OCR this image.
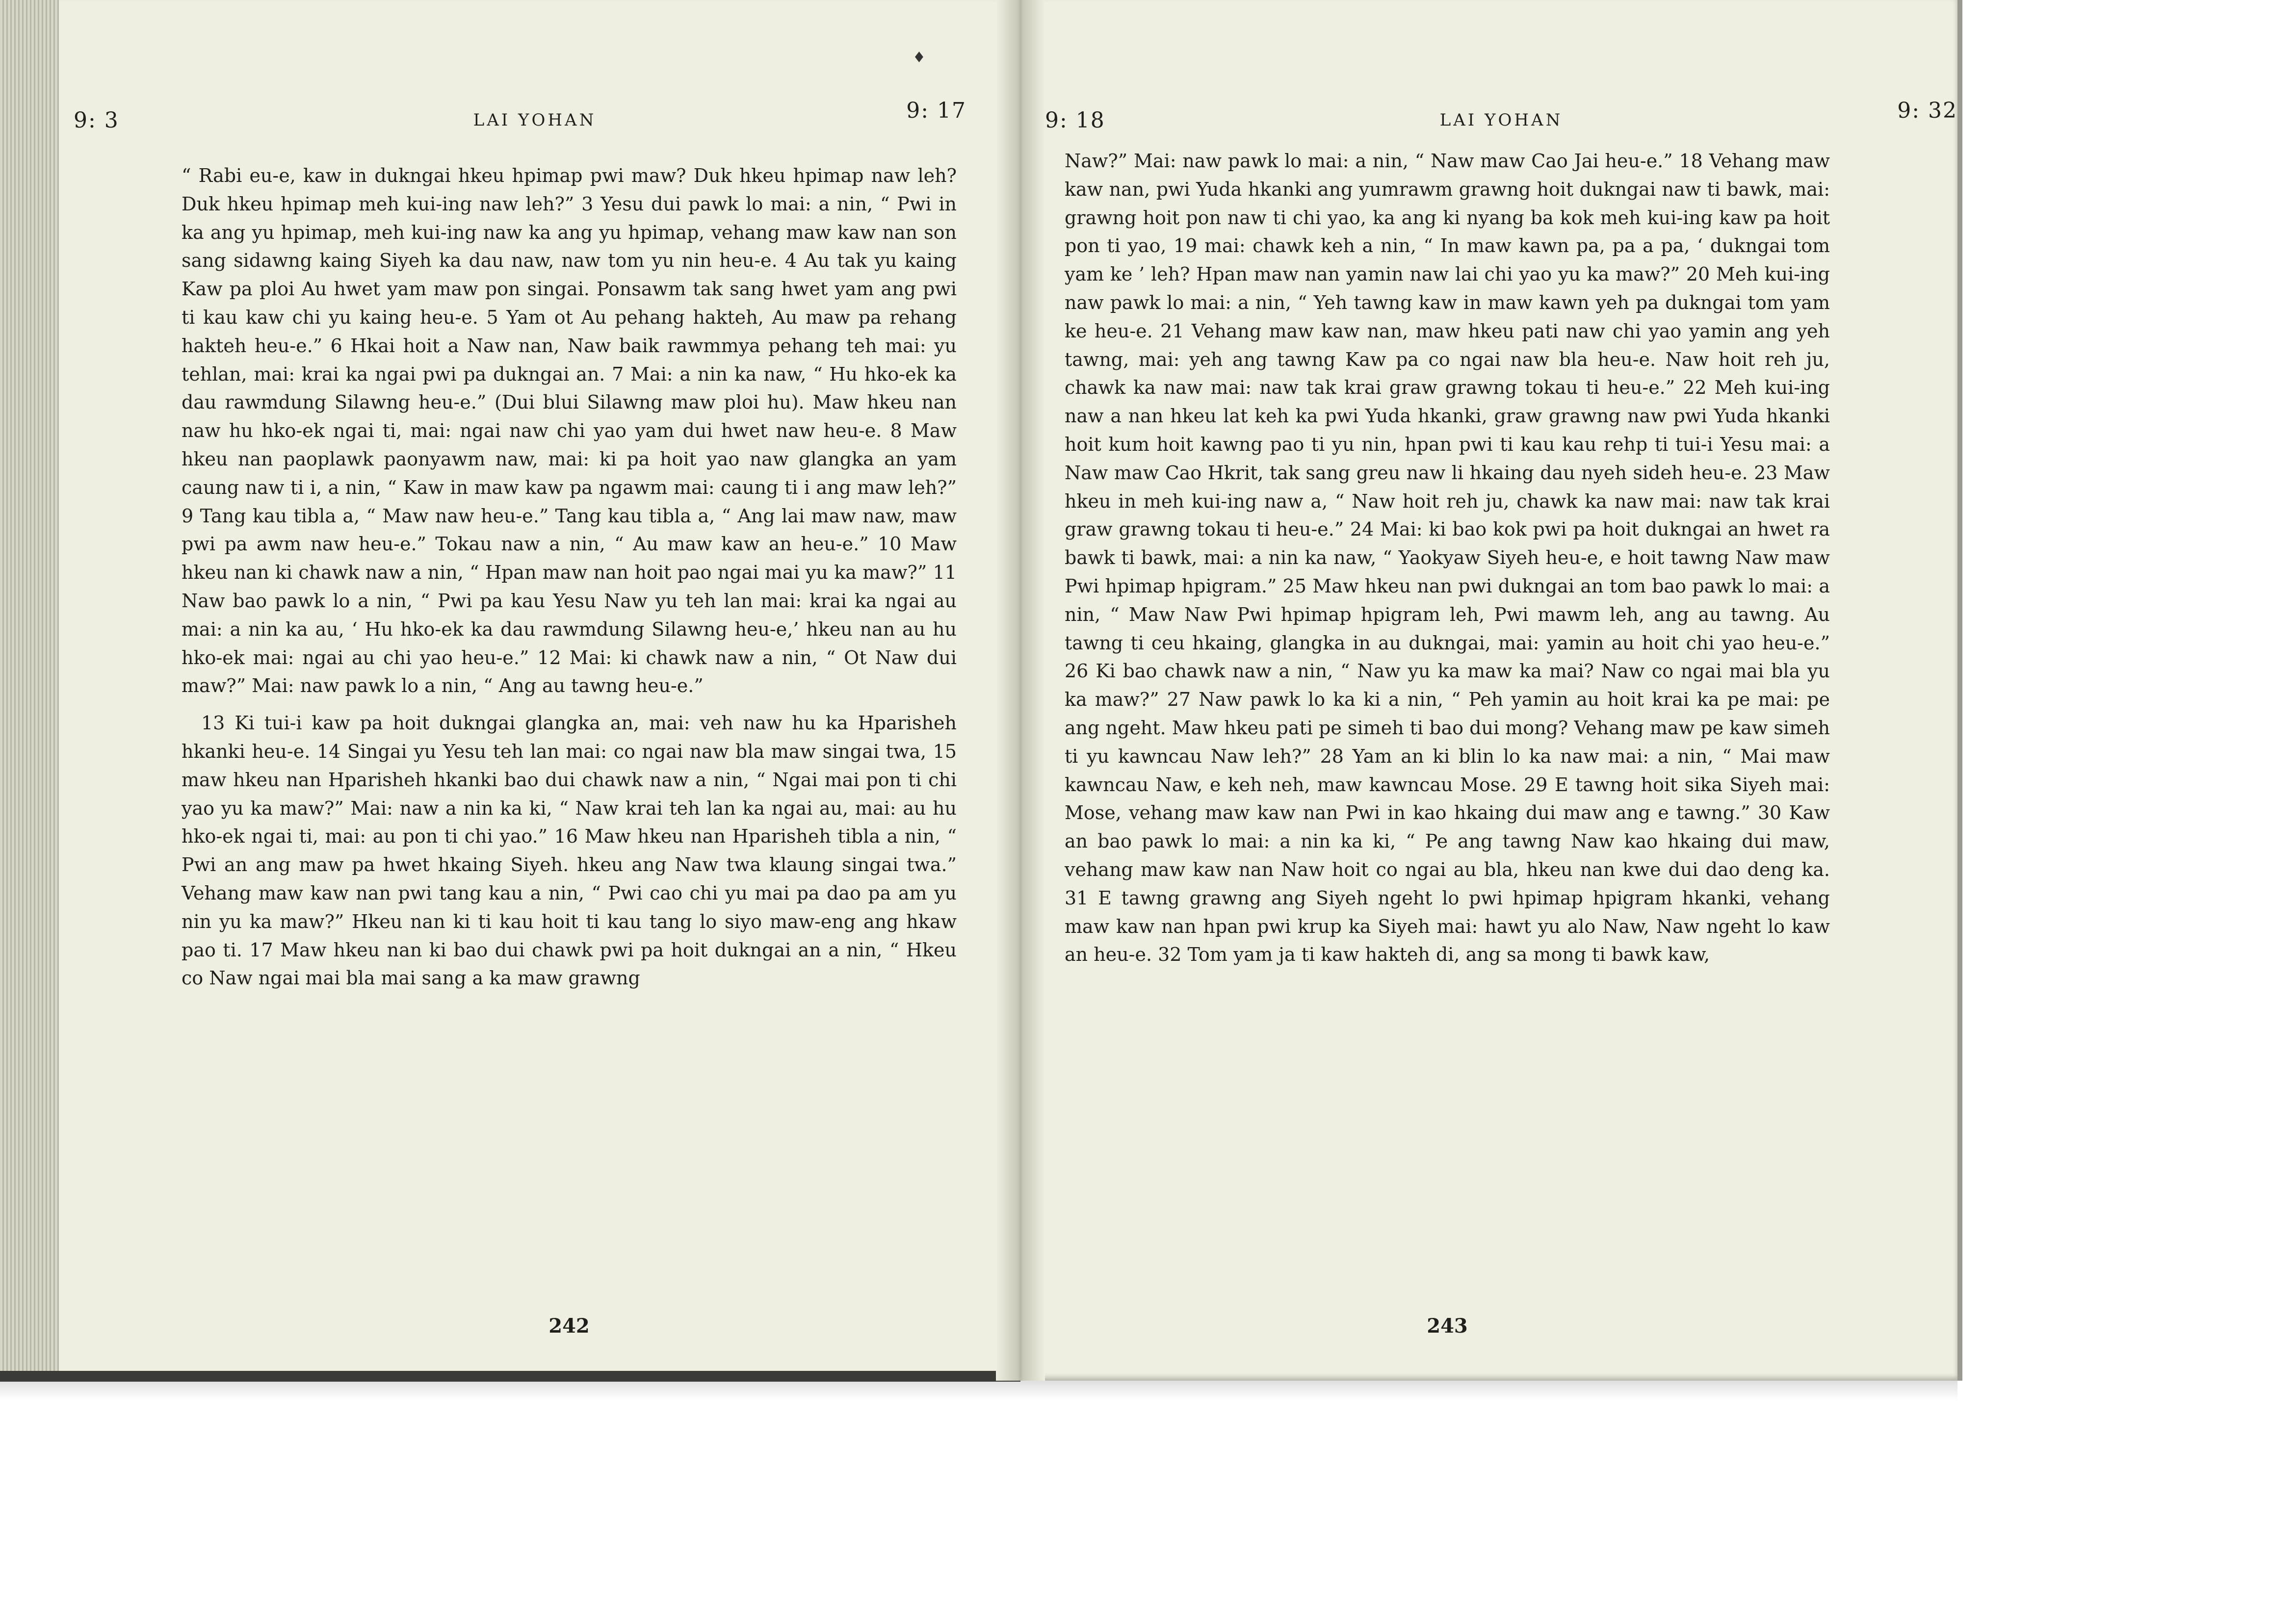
9: 3	LAI YOHAN	9: 17

“ Rabi eu-e, kaw in dukngai hkeu hpimap pwi maw? Duk hkeu hpimap naw leh? Duk hkeu hpimap meh kui-ing naw leh?” 3 Yesu dui pawk lo mai: a nin, “ Pwi in ka ang yu hpimap, meh kui-ing naw ka ang yu hpimap, vehang maw kaw nan son sang sidawng kaing Siyeh ka dau naw, naw tom yu nin heu-e. 4 Au tak yu kaing Kaw pa ploi Au hwet yam maw pon singai. Ponsawm tak sang hwet yam ang pwi ti kau kaw chi yu kaing heu-e. 5 Yam ot Au pehang hakteh, Au maw pa rehang hakteh heu-e.” 6 Hkai hoit a Naw nan, Naw baik rawmmya pehang teh mai: yu tehlan, mai: krai ka ngai pwi pa dukngai an. 7 Mai: a nin ka naw, “ Hu hko-ek ka dau rawmdung Silawng heu-e.” (Dui blui Silawng maw ploi hu). Maw hkeu nan naw hu hko-ek ngai ti, mai: ngai naw chi yao yam dui hwet naw heu-e. 8 Maw hkeu nan paoplawk paonyawm naw, mai: ki pa hoit yao naw glangka an yam caung naw ti i, a nin, “ Kaw in maw kaw pa ngawm mai: caung ti i ang maw leh?” 9 Tang kau tibla a, “ Maw naw heu-e.” Tang kau tibla a, “ Ang lai maw naw, maw pwi pa awm naw heu-e.” Tokau naw a nin, “ Au maw kaw an heu-e.” 10 Maw hkeu nan ki chawk naw a nin, “ Hpan maw nan hoit pao ngai mai yu ka maw?” 11 Naw bao pawk lo a nin, “ Pwi pa kau Yesu Naw yu teh lan mai: krai ka ngai au mai: a nin ka au, ‘ Hu hko-ek ka dau rawmdung Silawng heu-e,’ hkeu nan au hu hko-ek mai: ngai au chi yao heu-e.” 12 Mai: ki chawk naw a nin, “ Ot Naw dui maw?” Mai: naw pawk lo a nin, “ Ang au tawng heu-e.”

13 Ki tui-i kaw pa hoit dukngai glangka an, mai: veh naw hu ka Hparisheh hkanki heu-e. 14 Singai yu Yesu teh lan mai: co ngai naw bla maw singai twa, 15 maw hkeu nan Hparisheh hkanki bao dui chawk naw a nin, “ Ngai mai pon ti chi yao yu ka maw?” Mai: naw a nin ka ki, “ Naw krai teh lan ka ngai au, mai: au hu hko-ek ngai ti, mai: au pon ti chi yao.” 16 Maw hkeu nan Hparisheh tibla a nin, “ Pwi an ang maw pa hwet hkaing Siyeh. hkeu ang Naw twa klaung singai twa.” Vehang maw kaw nan pwi tang kau a nin, “ Pwi cao chi yu mai pa dao pa am yu nin yu ka maw?” Hkeu nan ki ti kau hoit ti kau tang lo siyo maw-eng ang hkaw pao ti. 17 Maw hkeu nan ki bao dui chawk pwi pa hoit dukngai an a nin, “ Hkeu co Naw ngai mai bla mai sang a ka maw grawng

242
♦
9: 18	LAI YOHAN	9: 32

Naw?” Mai: naw pawk lo mai: a nin, “ Naw maw Cao Jai heu-e.” 18 Vehang maw kaw nan, pwi Yuda hkanki ang yumrawm grawng hoit dukngai naw ti bawk, mai: grawng hoit pon naw ti chi yao, ka ang ki nyang ba kok meh kui-ing kaw pa hoit pon ti yao, 19 mai: chawk keh a nin, “ In maw kawn pa, pa a pa, ‘ dukngai tom yam ke ’ leh? Hpan maw nan yamin naw lai chi yao yu ka maw?” 20 Meh kui-ing naw pawk lo mai: a nin, “ Yeh tawng kaw in maw kawn yeh pa dukngai tom yam ke heu-e. 21 Vehang maw kaw nan, maw hkeu pati naw chi yao yamin ang yeh tawng, mai: yeh ang tawng Kaw pa co ngai naw bla heu-e. Naw hoit reh ju, chawk ka naw mai: naw tak krai graw grawng tokau ti heu-e.” 22 Meh kui-ing naw a nan hkeu lat keh ka pwi Yuda hkanki, graw grawng naw pwi Yuda hkanki hoit kum hoit kawng pao ti yu nin, hpan pwi ti kau kau rehp ti tui-i Yesu mai: a Naw maw Cao Hkrit, tak sang greu naw li hkaing dau nyeh sideh heu-e. 23 Maw hkeu in meh kui-ing naw a, “ Naw hoit reh ju, chawk ka naw mai: naw tak krai graw grawng tokau ti heu-e.” 24 Mai: ki bao kok pwi pa hoit dukngai an hwet ra bawk ti bawk, mai: a nin ka naw, “ Yaokyaw Siyeh heu-e, e hoit tawng Naw maw Pwi hpimap hpigram.” 25 Maw hkeu nan pwi dukngai an tom bao pawk lo mai: a nin, “ Maw Naw Pwi hpimap hpigram leh, Pwi mawm leh, ang au tawng. Au tawng ti ceu hkaing, glangka in au dukngai, mai: yamin au hoit chi yao heu-e.” 26 Ki bao chawk naw a nin, “ Naw yu ka maw ka mai? Naw co ngai mai bla yu ka maw?” 27 Naw pawk lo ka ki a nin, “ Peh yamin au hoit krai ka pe mai: pe ang ngeht. Maw hkeu pati pe simeh ti bao dui mong? Vehang maw pe kaw simeh ti yu kawncau Naw leh?” 28 Yam an ki blin lo ka naw mai: a nin, “ Mai maw kawncau Naw, e keh neh, maw kawncau Mose. 29 E tawng hoit sika Siyeh mai: Mose, vehang maw kaw nan Pwi in kao hkaing dui maw ang e tawng.” 30 Kaw an bao pawk lo mai: a nin ka ki, “ Pe ang tawng Naw kao hkaing dui maw, vehang maw kaw nan Naw hoit co ngai au bla, hkeu nan kwe dui dao deng ka. 31 E tawng grawng ang Siyeh ngeht lo pwi hpimap hpigram hkanki, vehang maw kaw nan hpan pwi krup ka Siyeh mai: hawt yu alo Naw, Naw ngeht lo kaw an heu-e. 32 Tom yam ja ti kaw hakteh di, ang sa mong ti bawk kaw,

243
